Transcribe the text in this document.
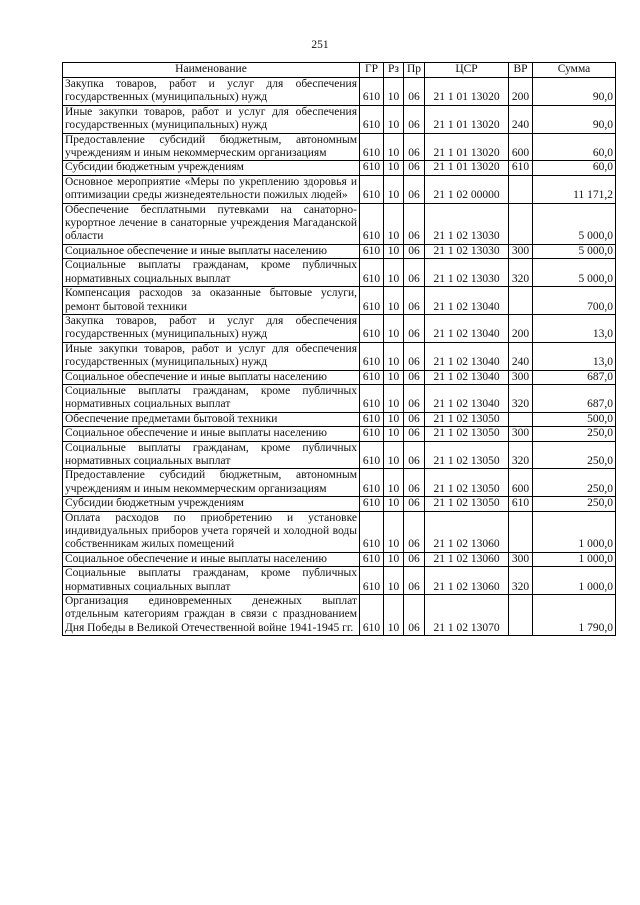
251
Наименование	ГР	Рз	Пр	ЦСР	ВР	Сумма
Закупка товаров, работ и услуг для обеспечения государственных (муниципальных) нужд	610	10	06	21 1 01 13020	200	90,0
Иные закупки товаров, работ и услуг для обеспечения государственных (муниципальных) нужд	610	10	06	21 1 01 13020	240	90,0
Предоставление субсидий бюджетным, автономным учреждениям и иным некоммерческим организациям	610	10	06	21 1 01 13020	600	60,0
Субсидии бюджетным учреждениям	610	10	06	21 1 01 13020	610	60,0
Основное мероприятие «Меры по укреплению здоровья и оптимизации среды жизнедеятельности пожилых людей»	610	10	06	21 1 02 00000		11 171,2
Обеспечение бесплатными путевками на санаторно-курортное лечение в санаторные учреждения Магаданской области	610	10	06	21 1 02 13030		5 000,0
Социальное обеспечение и иные выплаты населению	610	10	06	21 1 02 13030	300	5 000,0
Социальные выплаты гражданам, кроме публичных нормативных социальных выплат	610	10	06	21 1 02 13030	320	5 000,0
Компенсация расходов за оказанные бытовые услуги, ремонт бытовой техники	610	10	06	21 1 02 13040		700,0
Закупка товаров, работ и услуг для обеспечения государственных (муниципальных) нужд	610	10	06	21 1 02 13040	200	13,0
Иные закупки товаров, работ и услуг для обеспечения государственных (муниципальных) нужд	610	10	06	21 1 02 13040	240	13,0
Социальное обеспечение и иные выплаты населению	610	10	06	21 1 02 13040	300	687,0
Социальные выплаты гражданам, кроме публичных нормативных социальных выплат	610	10	06	21 1 02 13040	320	687,0
Обеспечение предметами бытовой техники	610	10	06	21 1 02 13050		500,0
Социальное обеспечение и иные выплаты населению	610	10	06	21 1 02 13050	300	250,0
Социальные выплаты гражданам, кроме публичных нормативных социальных выплат	610	10	06	21 1 02 13050	320	250,0
Предоставление субсидий бюджетным, автономным учреждениям и иным некоммерческим организациям	610	10	06	21 1 02 13050	600	250,0
Субсидии бюджетным учреждениям	610	10	06	21 1 02 13050	610	250,0
Оплата расходов по приобретению и установке индивидуальных приборов учета горячей и холодной воды собственникам жилых помещений	610	10	06	21 1 02 13060		1 000,0
Социальное обеспечение и иные выплаты населению	610	10	06	21 1 02 13060	300	1 000,0
Социальные выплаты гражданам, кроме публичных нормативных социальных выплат	610	10	06	21 1 02 13060	320	1 000,0
Организация единовременных денежных выплат отдельным категориям граждан в связи с празднованием Дня Победы в Великой Отечественной войне 1941-1945 гг.	610	10	06	21 1 02 13070		1 790,0
